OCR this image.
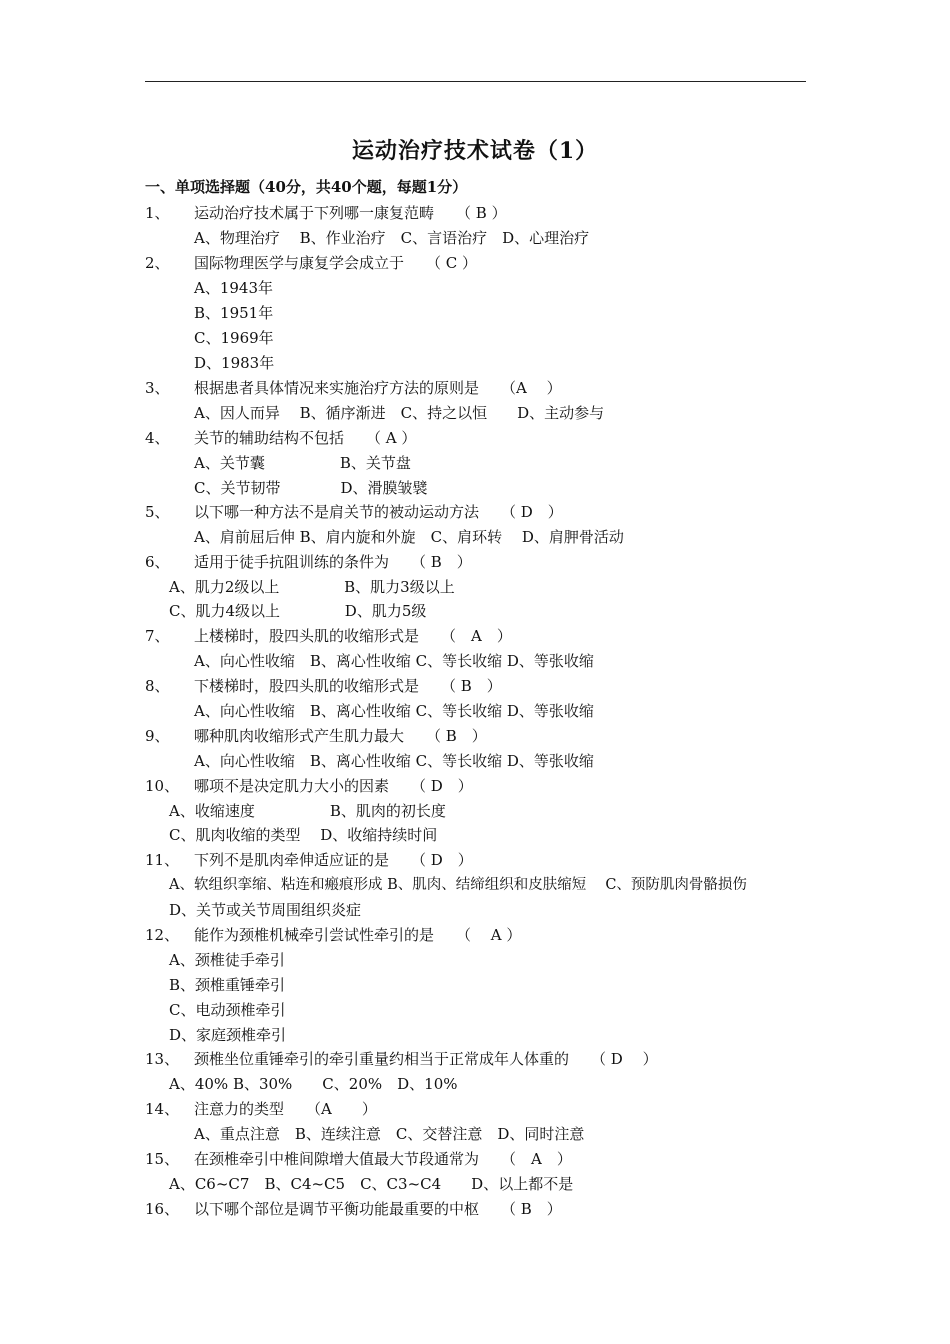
运动治疗技术试卷（1）
一、单项选择题（40分，共40个题，每题1分）
1、 运动治疗技术属于下列哪一康复范畴 （ B ）
A、物理治疗　 B、作业治疗　C、言语治疗　D、心理治疗
2、 国际物理医学与康复学会成立于 （ C ）
A、1943年
B、1951年
C、1969年
D、1983年
3、 根据患者具体情况来实施治疗方法的原则是 （A　 ）
A、因人而异　 B、循序渐进　C、持之以恒　　D、主动参与
4、 关节的辅助结构不包括 （ A ）
A、关节囊　　　　　B、关节盘
C、关节韧带　　　　D、滑膜皱襞
5、 以下哪一种方法不是肩关节的被动运动方法 （ D　）
A、肩前屈后伸 B、肩内旋和外旋　C、肩环转　 D、肩胛骨活动
6、 适用于徒手抗阻训练的条件为 （ B　）
A、肌力2级以上　　　　 B、肌力3级以上
C、肌力4级以上　　　　 D、肌力5级
7、 上楼梯时，股四头肌的收缩形式是 （　A　）
A、向心性收缩　B、离心性收缩 C、等长收缩 D、等张收缩
8、 下楼梯时，股四头肌的收缩形式是 （ B　）
A、向心性收缩　B、离心性收缩 C、等长收缩 D、等张收缩
9、 哪种肌肉收缩形式产生肌力最大 （ B　）
A、向心性收缩　B、离心性收缩 C、等长收缩 D、等张收缩
10、 哪项不是决定肌力大小的因素 （ D　）
A、收缩速度　　　　　B、肌肉的初长度
C、肌肉收缩的类型　 D、收缩持续时间
11、 下列不是肌肉牵伸适应证的是 （ D　）
A、软组织挛缩、粘连和瘢痕形成 B、肌肉、结缔组织和皮肤缩短　 C、预防肌肉骨骼损伤
D、关节或关节周围组织炎症
12、 能作为颈椎机械牵引尝试性牵引的是 （　 A ）
A、颈椎徒手牵引
B、颈椎重锤牵引
C、电动颈椎牵引
D、家庭颈椎牵引
13、 颈椎坐位重锤牵引的牵引重量约相当于正常成年人体重的 （ D　 ）
A、40% B、30%　　C、20%　D、10%
14、 注意力的类型 （A　　）
A、重点注意　B、连续注意　C、交替注意　D、同时注意
15、 在颈椎牵引中椎间隙增大值最大节段通常为 （　A　）
A、C6~C7　B、C4~C5　C、C3~C4　　D、以上都不是
16、 以下哪个部位是调节平衡功能最重要的中枢 （ B　）
